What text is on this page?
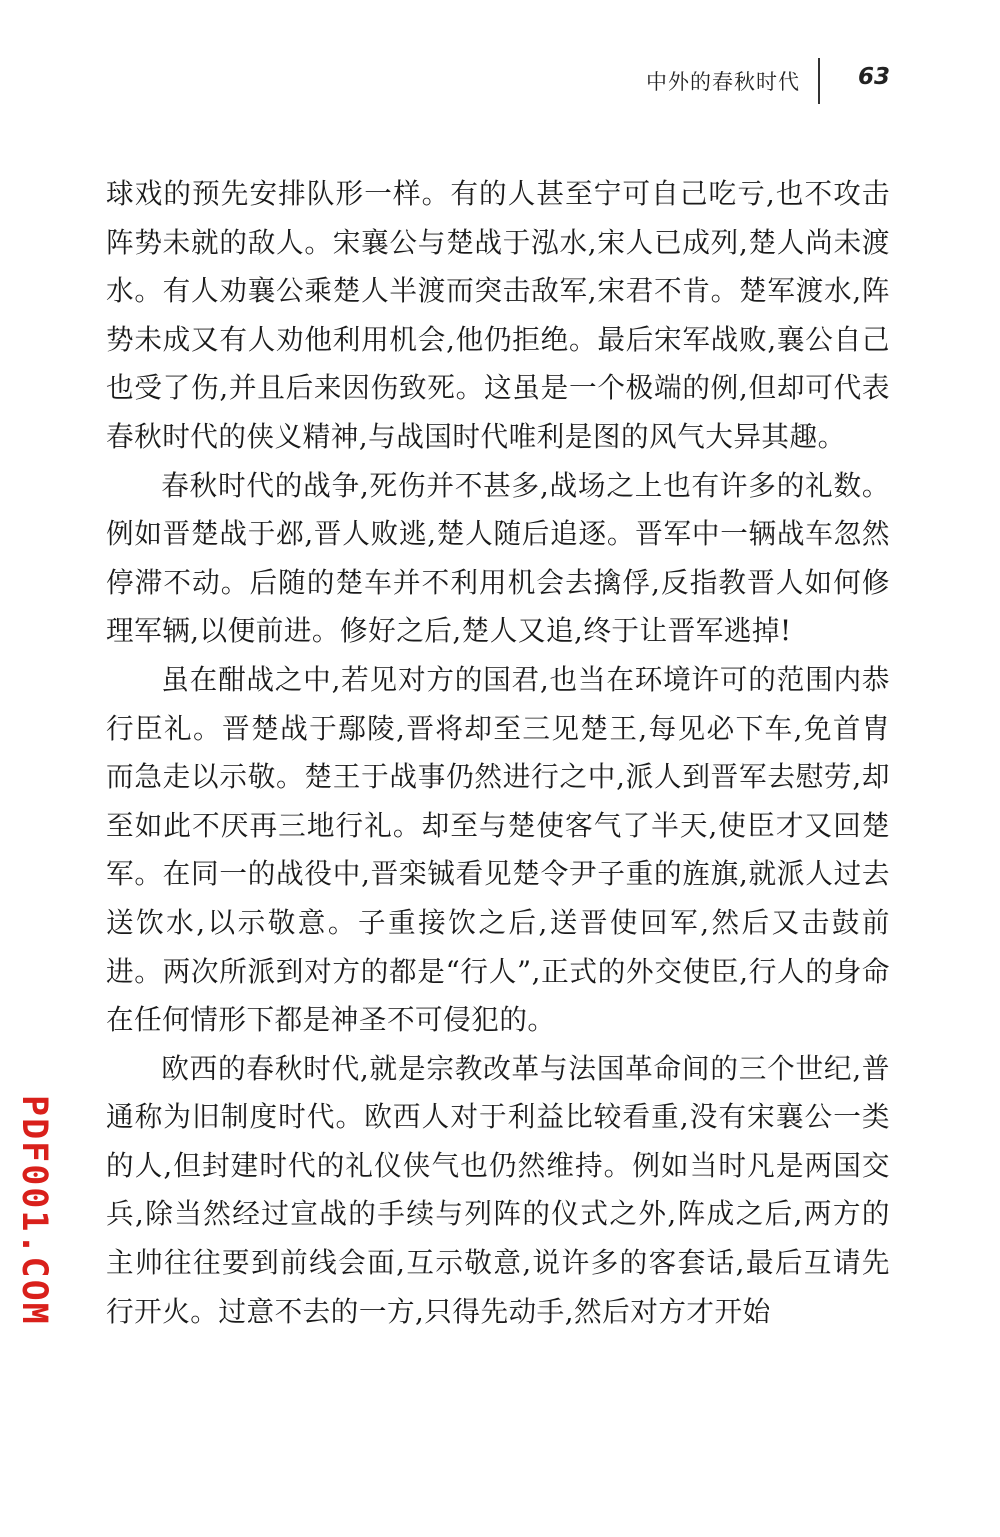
中外的春秋时代	63

球戏的预先安排队形一样。有的人甚至宁可自己吃亏,也不攻击阵势未就的敌人。宋襄公与楚战于泓水,宋人已成列,楚人尚未渡水。有人劝襄公乘楚人半渡而突击敌军,宋君不肯。楚军渡水,阵势未成又有人劝他利用机会,他仍拒绝。最后宋军战败,襄公自己也受了伤,并且后来因伤致死。这虽是一个极端的例,但却可代表春秋时代的侠义精神,与战国时代唯利是图的风气大异其趣。

春秋时代的战争,死伤并不甚多,战场之上也有许多的礼数。例如晋楚战于邲,晋人败逃,楚人随后追逐。晋军中一辆战车忽然停滞不动。后随的楚车并不利用机会去擒俘,反指教晋人如何修理军辆,以便前进。修好之后,楚人又追,终于让晋军逃掉!

虽在酣战之中,若见对方的国君,也当在环境许可的范围内恭行臣礼。晋楚战于鄢陵,晋将却至三见楚王,每见必下车,免首胄而急走以示敬。楚王于战事仍然进行之中,派人到晋军去慰劳,却至如此不厌再三地行礼。却至与楚使客气了半天,使臣才又回楚军。在同一的战役中,晋栾铖看见楚令尹子重的旌旗,就派人过去送饮水,以示敬意。子重接饮之后,送晋使回军,然后又击鼓前进。两次所派到对方的都是“行人”,正式的外交使臣,行人的身命在任何情形下都是神圣不可侵犯的。

欧西的春秋时代,就是宗教改革与法国革命间的三个世纪,普通称为旧制度时代。欧西人对于利益比较看重,没有宋襄公一类的人,但封建时代的礼仪侠气也仍然维持。例如当时凡是两国交兵,除当然经过宣战的手续与列阵的仪式之外,阵成之后,两方的主帅往往要到前线会面,互示敬意,说许多的客套话,最后互请先行开火。过意不去的一方,只得先动手,然后对方才开始

PDF001.COM
